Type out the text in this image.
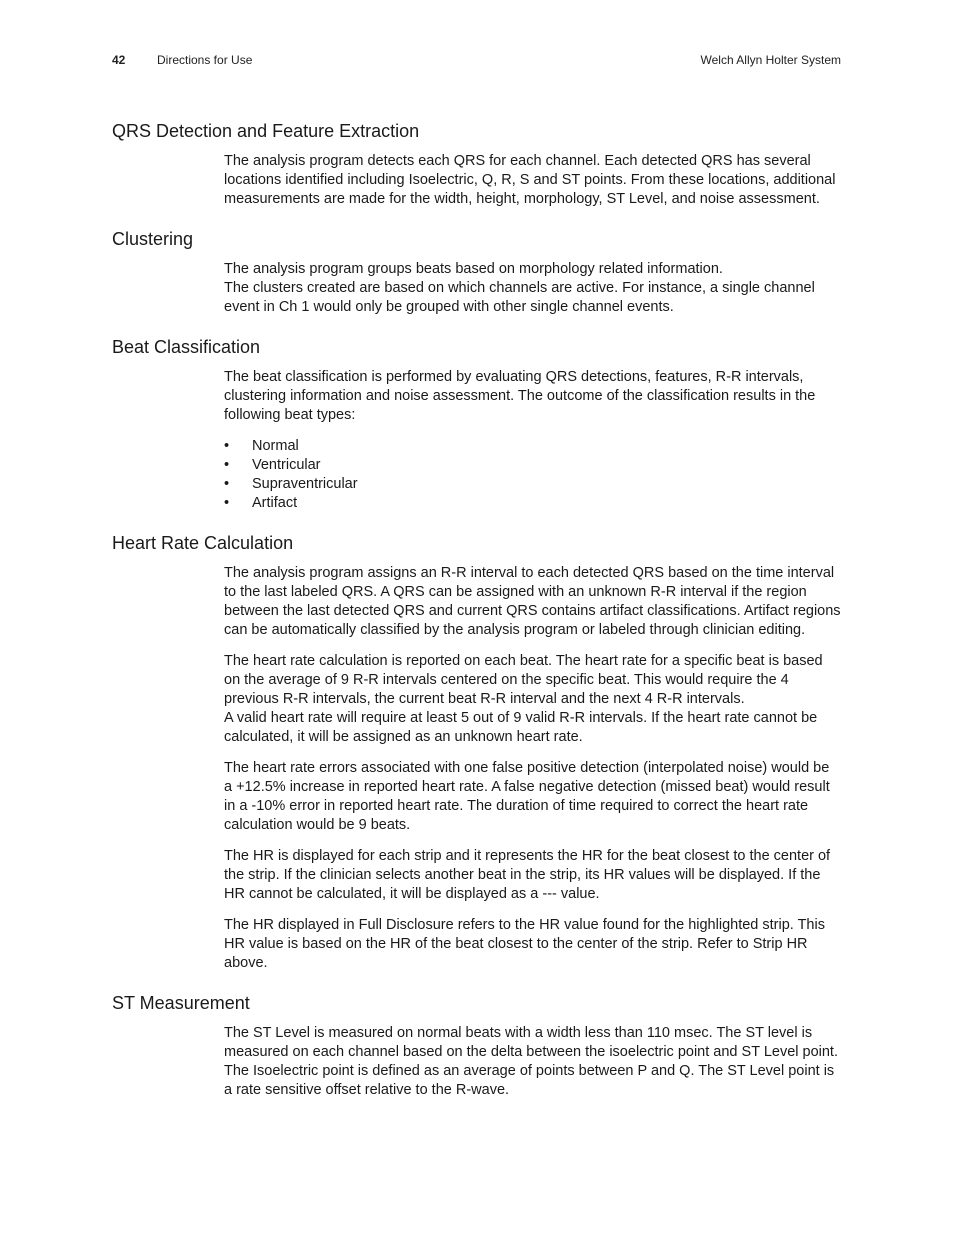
42	Directions for Use	Welch Allyn Holter System
QRS Detection and Feature Extraction

The analysis program detects each QRS for each channel. Each detected QRS has several locations identified including Isoelectric, Q, R, S and ST points. From these locations, additional measurements are made for the width, height, morphology, ST Level, and noise assessment.

Clustering

The analysis program groups beats based on morphology related information.
The clusters created are based on which channels are active. For instance, a single channel event in Ch 1 would only be grouped with other single channel events.

Beat Classification

The beat classification is performed by evaluating QRS detections, features, R-R intervals, clustering information and noise assessment. The outcome of the classification results in the following beat types:

• Normal
• Ventricular
• Supraventricular
• Artifact
Heart Rate Calculation

The analysis program assigns an R-R interval to each detected QRS based on the time interval to the last labeled QRS. A QRS can be assigned with an unknown R-R interval if the region between the last detected QRS and current QRS contains artifact classifications. Artifact regions can be automatically classified by the analysis program or labeled through clinician editing.

The heart rate calculation is reported on each beat. The heart rate for a specific beat is based on the average of 9 R-R intervals centered on the specific beat. This would require the 4 previous R-R intervals, the current beat R-R interval and the next 4 R-R intervals.
A valid heart rate will require at least 5 out of 9 valid R-R intervals. If the heart rate cannot be calculated, it will be assigned as an unknown heart rate.

The heart rate errors associated with one false positive detection (interpolated noise) would be a +12.5% increase in reported heart rate. A false negative detection (missed beat) would result in a -10% error in reported heart rate. The duration of time required to correct the heart rate calculation would be 9 beats.

The HR is displayed for each strip and it represents the HR for the beat closest to the center of the strip. If the clinician selects another beat in the strip, its HR values will be displayed. If the HR cannot be calculated, it will be displayed as a --- value.

The HR displayed in Full Disclosure refers to the HR value found for the highlighted strip. This HR value is based on the HR of the beat closest to the center of the strip. Refer to Strip HR above.

ST Measurement

The ST Level is measured on normal beats with a width less than 110 msec. The ST level is measured on each channel based on the delta between the isoelectric point and ST Level point. The Isoelectric point is defined as an average of points between P and Q. The ST Level point is a rate sensitive offset relative to the R-wave.
